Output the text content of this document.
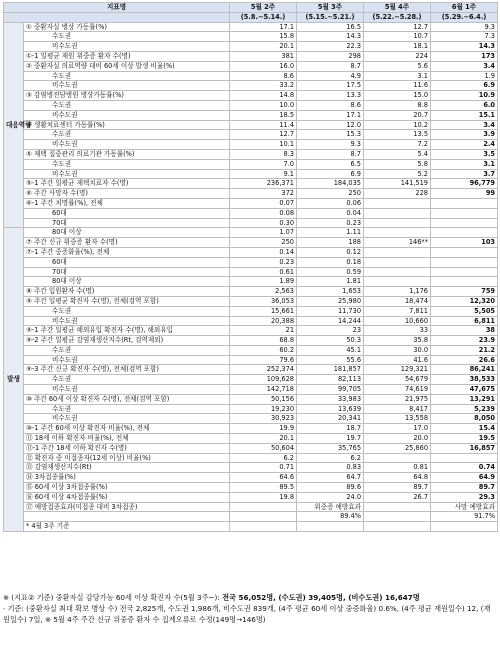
지표명		5월 2주	5월 3주	5월 4주	6월 1주
		(5.8.~5.14.)	(5.15.~5.21.)	(5.22.~5.28.)	(5.29.~6.4.)
대응역량	① 중환자실 병상 가동률(%)	17.1	16.5	12.7	9.3
	수도권	15.8	14.3	10.7	7.3
	비수도권	20.1	22.3	18.1	14.3
	①-1 일평균 재원 위중증 환자 수(명)	381	298	224	173
	② 중환자실 의료역량 대비 60세 이상 발생 비율(%)	16.0	8.7	5.6	3.4
	수도권	8.6	4.9	3.1	1.9
	비수도권	33.2	17.5	11.6	6.9
	③ 감염병전담병원 병상가동률(%)	14.8	13.3	15.0	10.9
	수도권	10.0	8.6	8.8	6.0
	비수도권	18.5	17.1	20.7	15.1
	④ 생활치료센터 가동률(%)	11.4	12.0	10.2	3.4
	수도권	12.7	15.3	13.5	3.9
	비수도권	10.1	9.3	7.2	2.4
	⑤ 재택 집중관리 의료기관 가동률(%)	8.3	8.7	5.4	3.5
	수도권	7.0	6.5	5.8	3.1
	비수도권	9.1	6.9	5.2	3.7
	⑤-1 주간 일평균 재택치료자 수(명)	236,371	184,035	141,519	96,779
	⑥ 주간 사망자 수(명)	372	250	228	99
	⑥-1 주간 치명률(%), 전체	0.07	0.06		
	60대	0.08	0.04		
	70대	0.30	0.23		
발생	80대 이상	1.07	1.11		
	⑦ 주간 신규 위중증 환자 수(명)	250	188	146**	103
	⑦-1 주간 중증화율(%), 전체	0.14	0.12		
	60대	0.23	0.18		
	70대	0.61	0.59		
	80대 이상	1.89	1.81		
	⑧ 주간 입원환자 수(명)	2,563	1,653	1,176	759
	⑨ 주간 일평균 확진자 수(명), 전체(검역 포함)	36,053	25,980	18,474	12,320
	수도권	15,661	11,730	7,811	5,505
	비수도권	20,388	14,244	10,660	6,811
	⑨-1 주간 일평균 해외유입 확진자 수(명), 해외유입	21	23	33	38
	⑨-2 주간 일평균 감염재생산지수(Rt, 검역제외)	68.8	50.3	35.8	23.9
	수도권	60.2	45.1	30.0	21.2
	비수도권	79.6	55.6	41.6	26.6
	⑨-3 주간 신규 확진자 수(명), 전체(검역 포함)	252,374	181,857	129,321	86,241
	수도권	109,628	82,113	54,679	38,533
	비수도권	142,718	99,705	74,619	47,675
	⑩ 주간 60세 이상 확진자 수(명), 전체(검역 포함)	50,156	33,983	21,975	13,291
	수도권	19,230	13,639	8,417	5,239
	비수도권	30,923	20,341	13,558	8,050
	⑩-1 주간 60세 이상 확진자 비율(%), 전체	19.9	18.7	17.0	15.4
	⑪ 18세 이하 확진자 비율(%), 전체	20.1	19.7	20.0	19.5
	⑪-1 주간 18세 이하 확진자 수(명)	50,604	35,765	25,860	16,857
	⑫ 확진자 중 미접종자(12세 이상) 비율(%)	6.2	6.2		
	⑬ 감염재생산지수(Rt)	0.71	0.83	0.81	0.74
	⑭ 3차접종률(%)	64.6	64.7	64.8	64.9
	⑮ 60세 이상 3차접종률(%)	89.5	89.6	89.7	89.7
	⑯ 60세 이상 4차접종률(%)	19.8	24.0	26.7	29.3
	⑰ 예방접종효과(미접종 대비 3차접종)		위중증 예방효과		사망 예방효과
			89.4%		91.7%
	* 4월 3주 기준				

※ (지표② 기준) 중환자실 감당가능 60세 이상 확진자 수(5월 3주~): 전국 56,052명, (수도권) 39,405명, (비수도권) 16,647명

· 기준: (중환자실 최대 확보 병상 수) 전국 2,825개, 수도권 1,986개, 비수도권 839개, (4주 평균 60세 이상 중증화율) 0.6%, (4주 평균 재원일수) 12, (재원일수) 7일, ※ 5월 4주 주간 신규 위중증 환자 수 집계오류로 수정(149명→146명)
